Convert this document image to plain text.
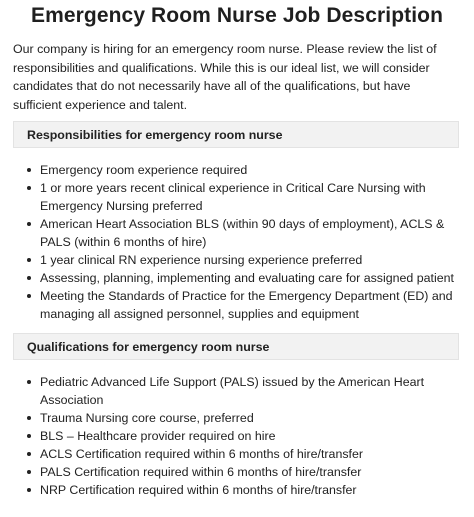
Emergency Room Nurse Job Description

Our company is hiring for an emergency room nurse. Please review the list of responsibilities and qualifications. While this is our ideal list, we will consider candidates that do not necessarily have all of the qualifications, but have sufficient experience and talent.

Responsibilities for emergency room nurse
Emergency room experience required
1 or more years recent clinical experience in Critical Care Nursing with Emergency Nursing preferred
American Heart Association BLS (within 90 days of employment), ACLS & PALS (within 6 months of hire)
1 year clinical RN experience nursing experience preferred
Assessing, planning, implementing and evaluating care for assigned patient
Meeting the Standards of Practice for the Emergency Department (ED) and managing all assigned personnel, supplies and equipment
Qualifications for emergency room nurse
Pediatric Advanced Life Support (PALS) issued by the American Heart Association
Trauma Nursing core course, preferred
BLS – Healthcare provider required on hire
ACLS Certification required within 6 months of hire/transfer
PALS Certification required within 6 months of hire/transfer
NRP Certification required within 6 months of hire/transfer
